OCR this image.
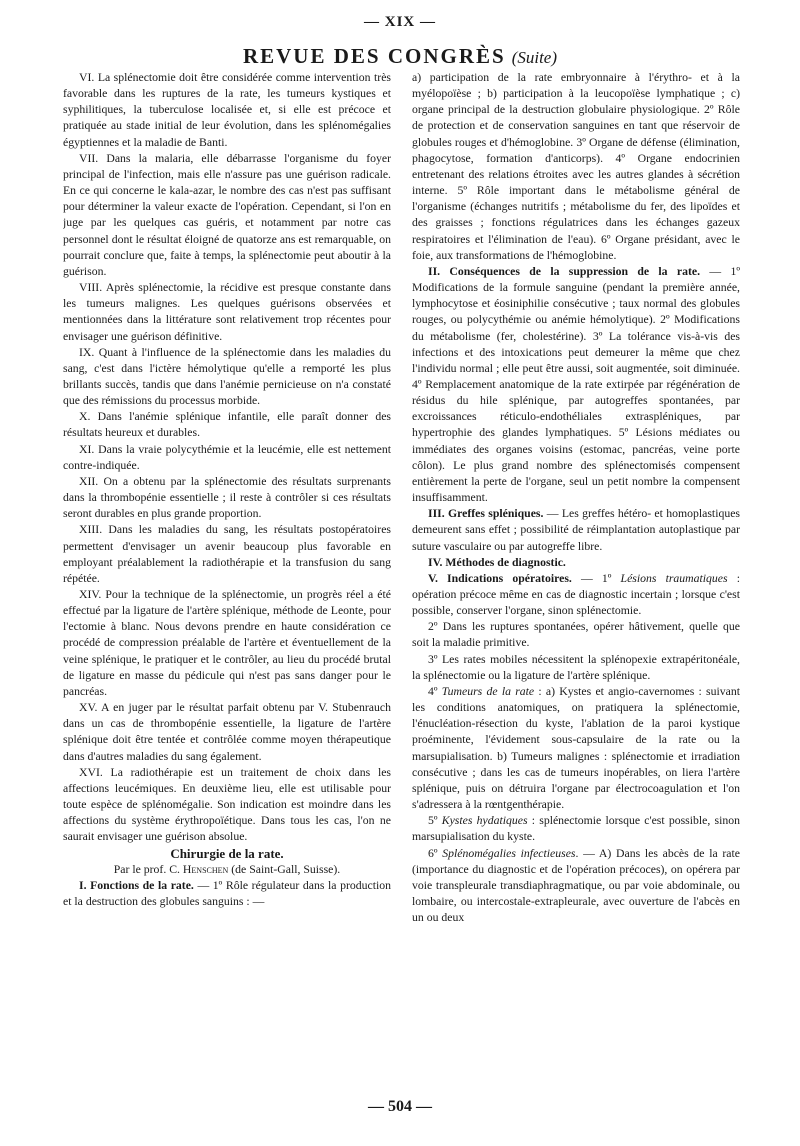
— XIX —
REVUE DES CONGRÈS (Suite)

VI. La splénectomie doit être considérée comme intervention très favorable dans les ruptures de la rate, les tumeurs kystiques et syphilitiques, la tuberculose localisée et, si elle est précoce et pratiquée au stade initial de leur évolution, dans les splénomégalies égyptiennes et la maladie de Banti.

VII. Dans la malaria, elle débarrasse l'organisme du foyer principal de l'infection, mais elle n'assure pas une guérison radicale. En ce qui concerne le kala-azar, le nombre des cas n'est pas suffisant pour déterminer la valeur exacte de l'opération. Cependant, si l'on en juge par les quelques cas guéris, et notamment par notre cas personnel dont le résultat éloigné de quatorze ans est remarquable, on pourrait conclure que, faite à temps, la splénectomie peut aboutir à la guérison.

VIII. Après splénectomie, la récidive est presque constante dans les tumeurs malignes. Les quelques guérisons observées et mentionnées dans la littérature sont relativement trop récentes pour envisager une guérison définitive.

IX. Quant à l'influence de la splénectomie dans les maladies du sang, c'est dans l'ictère hémolytique qu'elle a remporté les plus brillants succès, tandis que dans l'anémie pernicieuse on n'a constaté que des rémissions du processus morbide.

X. Dans l'anémie splénique infantile, elle paraît donner des résultats heureux et durables.

XI. Dans la vraie polycythémie et la leucémie, elle est nettement contre-indiquée.

XII. On a obtenu par la splénectomie des résultats surprenants dans la thrombopénie essentielle ; il reste à contrôler si ces résultats seront durables en plus grande proportion.

XIII. Dans les maladies du sang, les résultats postopératoires permettent d'envisager un avenir beaucoup plus favorable en employant préalablement la radiothérapie et la transfusion du sang répétée.

XIV. Pour la technique de la splénectomie, un progrès réel a été effectué par la ligature de l'artère splénique, méthode de Leonte, pour l'ectomie à blanc. Nous devons prendre en haute considération ce procédé de compression préalable de l'artère et éventuellement de la veine splénique, le pratiquer et le contrôler, au lieu du procédé brutal de ligature en masse du pédicule qui n'est pas sans danger pour le pancréas.

XV. A en juger par le résultat parfait obtenu par V. Stubenrauch dans un cas de thrombopénie essentielle, la ligature de l'artère splénique doit être tentée et contrôlée comme moyen thérapeutique dans d'autres maladies du sang également.

XVI. La radiothérapie est un traitement de choix dans les affections leucémiques. En deuxième lieu, elle est utilisable pour toute espèce de splénomégalie. Son indication est moindre dans les affections du système érythropoïétique. Dans tous les cas, l'on ne saurait envisager une guérison absolue.

Chirurgie de la rate.

Par le prof. C. Henschen (de Saint-Gall, Suisse).

I. Fonctions de la rate. — 1º Rôle régulateur dans la production et la destruction des globules sanguins : —

a) participation de la rate embryonnaire à l'érythro- et à la myélopoïèse ; b) participation à la leucopoïèse lymphatique ; c) organe principal de la destruction globulaire physiologique. 2º Rôle de protection et de conservation sanguines en tant que réservoir de globules rouges et d'hémoglobine. 3º Organe de défense (élimination, phagocytose, formation d'anticorps). 4º Organe endocrinien entretenant des relations étroites avec les autres glandes à sécrétion interne. 5º Rôle important dans le métabolisme général de l'organisme (échanges nutritifs ; métabolisme du fer, des lipoïdes et des graisses ; fonctions régulatrices dans les échanges gazeux respiratoires et l'élimination de l'eau). 6º Organe présidant, avec le foie, aux transformations de l'hémoglobine.

II. Conséquences de la suppression de la rate. — 1º Modifications de la formule sanguine (pendant la première année, lymphocytose et éosiniphilie consécutive ; taux normal des globules rouges, ou polycythémie ou anémie hémolytique). 2º Modifications du métabolisme (fer, cholestérine). 3º La tolérance vis-à-vis des infections et des intoxications peut demeurer la même que chez l'individu normal ; elle peut être aussi, soit augmentée, soit diminuée. 4º Remplacement anatomique de la rate extirpée par régénération de résidus du hile splénique, par autogreffes spontanées, par excroissances réticulo-endothéliales extraspléniques, par hypertrophie des glandes lymphatiques. 5º Lésions médiates ou immédiates des organes voisins (estomac, pancréas, veine porte côlon). Le plus grand nombre des splénectomisés compensent entièrement la perte de l'organe, seul un petit nombre la compensent insuffisamment.

III. Greffes spléniques. — Les greffes hétéro- et homoplastiques demeurent sans effet ; possibilité de réimplantation autoplastique par suture vasculaire ou par autogreffe libre.

IV. Méthodes de diagnostic.

V. Indications opératoires. — 1º Lésions traumatiques : opération précoce même en cas de diagnostic incertain ; lorsque c'est possible, conserver l'organe, sinon splénectomie.

2º Dans les ruptures spontanées, opérer hâtivement, quelle que soit la maladie primitive.

3º Les rates mobiles nécessitent la splénopexie extrapéritonéale, la splénectomie ou la ligature de l'artère splénique.

4º Tumeurs de la rate : a) Kystes et angio-cavernomes : suivant les conditions anatomiques, on pratiquera la splénectomie, l'énucléation-résection du kyste, l'ablation de la paroi kystique proéminente, l'évidement sous-capsulaire de la rate ou la marsupialisation. b) Tumeurs malignes : splénectomie et irradiation consécutive ; dans les cas de tumeurs inopérables, on liera l'artère splénique, puis on détruira l'organe par électrocoagulation et l'on s'adressera à la rœntgenthérapie.

5º Kystes hydatiques : splénectomie lorsque c'est possible, sinon marsupialisation du kyste.

6º Splénomégalies infectieuses. — A) Dans les abcès de la rate (importance du diagnostic et de l'opération précoces), on opérera par voie transpleurale transdiaphragmatique, ou par voie abdominale, ou lombaire, ou intercostale-extrapleurale, avec ouverture de l'abcès en un ou deux

— 504 —
